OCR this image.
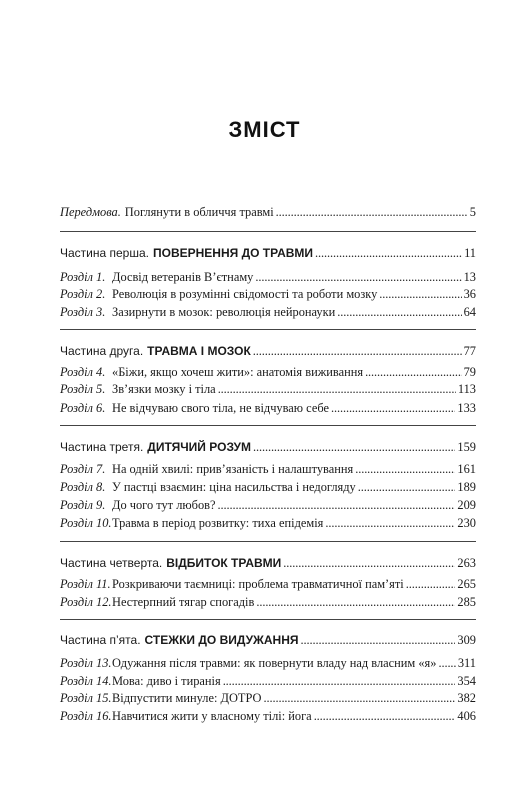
ЗМІСТ
Передмова. Поглянути в обличчя травмі . . .	5
Частина перша. ПОВЕРНЕННЯ ДО ТРАВМИ . . .	11
Розділ 1. Досвід ветеранів В’єтнаму . . .	13
Розділ 2. Революція в розумінні свідомості та роботи мозку . . .	36
Розділ 3. Зазирнути в мозок: революція нейронауки . . .	64
Частина друга. ТРАВМА І МОЗОК . . .	77
Розділ 4. «Біжи, якщо хочеш жити»: анатомія виживання . . .	79
Розділ 5. Зв’язки мозку і тіла . . .	113
Розділ 6. Не відчуваю свого тіла, не відчуваю себе . . .	133
Частина третя. ДИТЯЧИЙ РОЗУМ . . .	159
Розділ 7. На одній хвилі: прив’язаність і налаштування . . .	161
Розділ 8. У пастці взаємин: ціна насильства і недогляду . . .	189
Розділ 9. До чого тут любов? . . .	209
Розділ 10. Травма в період розвитку: тиха епідемія . . .	230
Частина четверта. ВІДБИТОК ТРАВМИ . . .	263
Розділ 11. Розкриваючи таємниці: проблема травматичної пам’яті . . .	265
Розділ 12. Нестерпний тягар спогадів . . .	285
Частина п’ята. СТЕЖКИ ДО ВИДУЖАННЯ . . .	309
Розділ 13. Одужання після травми: як повернути владу над власним «я» . . . 311
Розділ 14. Мова: диво і тиранія . . .	354
Розділ 15. Відпустити минуле: ДОТРО . . .	382
Розділ 16. Навчитися жити у власному тілі: йога . . .	406
